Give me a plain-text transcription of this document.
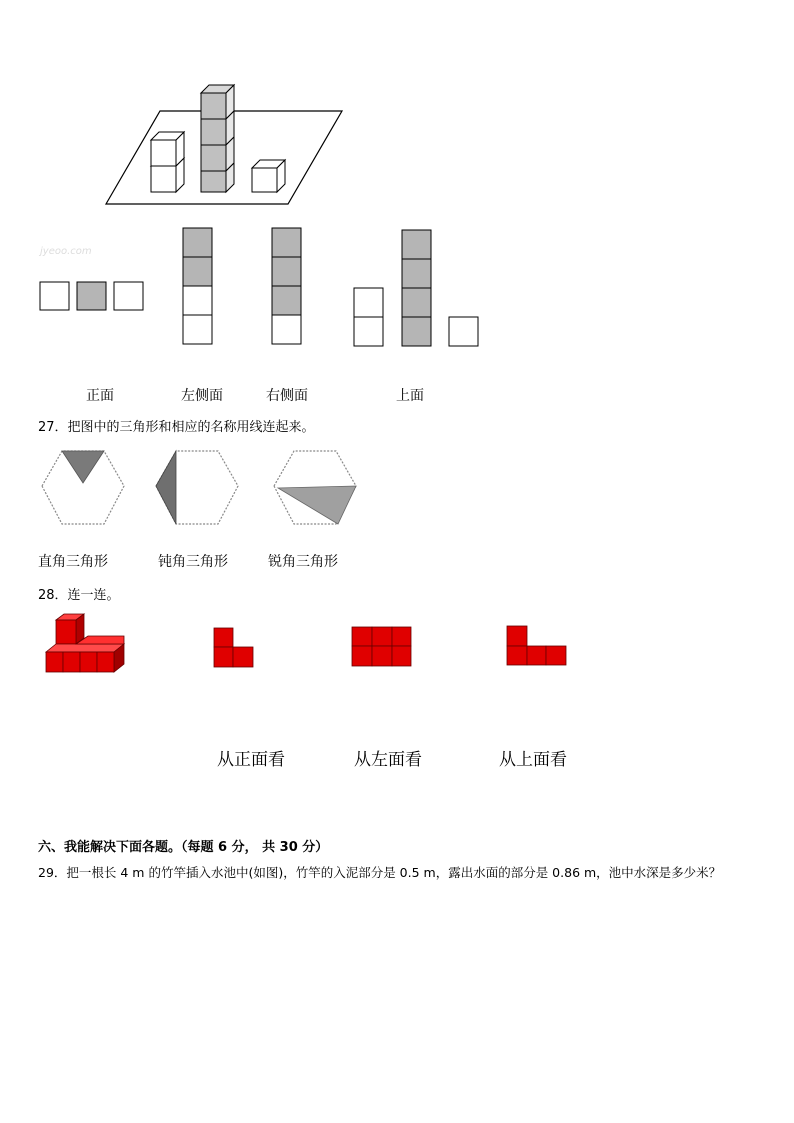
jyeoo.com
正面	左侧面	右侧面	上面
27．把图中的三角形和相应的名称用线连起来。
直角三角形	钝角三角形	锐角三角形
28．连一连。
从正面看	从左面看	从上面看
六、我能解决下面各题。（每题 6 分， 共 30 分）
29．把一根长 4 m 的竹竿插入水池中(如图)，竹竿的入泥部分是 0.5 m，露出水面的部分是 0.86 m，池中水深是多少米？
